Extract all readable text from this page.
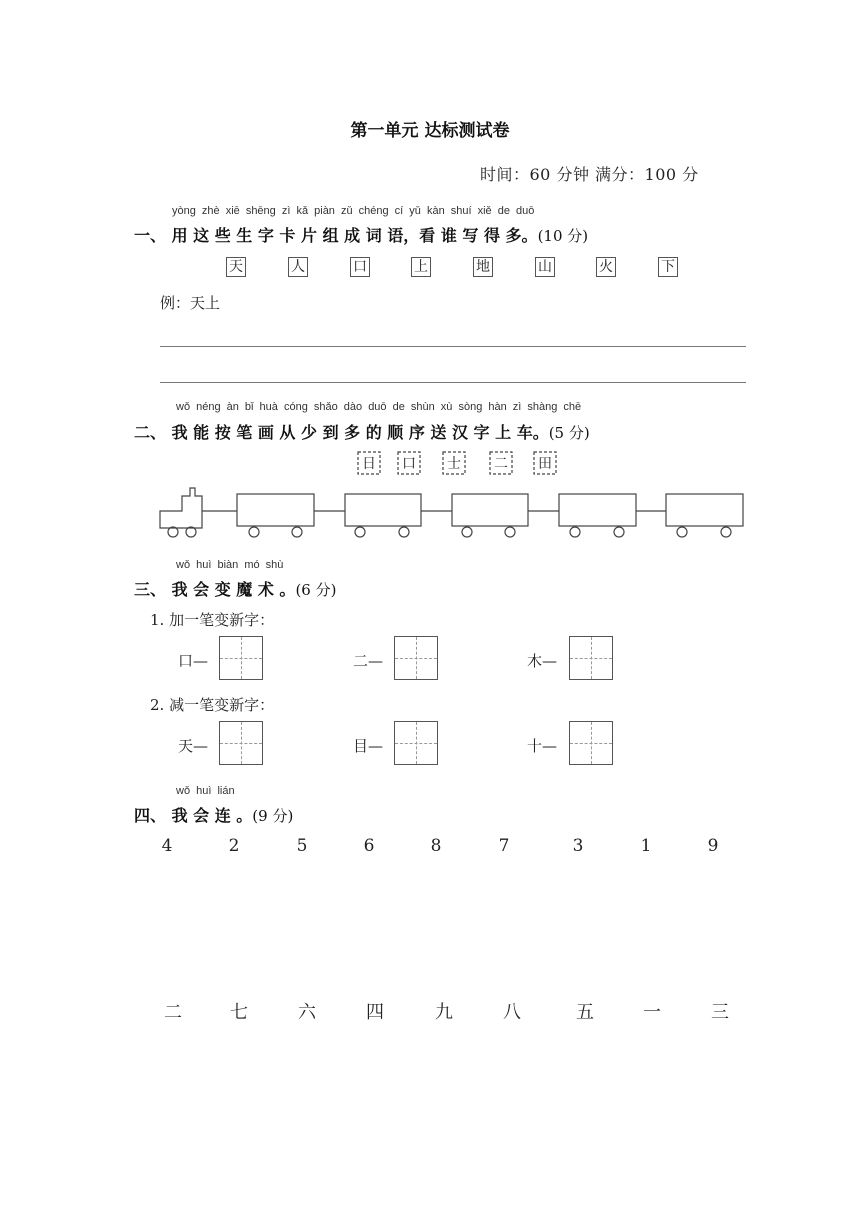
第一单元 达标测试卷
时间：60 分钟 满分：100 分
yòng zhè xiē shēng zì kǎ piàn zǔ chéng cí yǔ kàn shuí xiě de duō
一、 用 这 些 生 字 卡 片 组 成 词 语，看 谁 写 得 多。(10 分)
天	人	口	上	地	山	火	下
例：天上
wǒ néng àn bǐ huà cóng shǎo dào duō de shùn xù sòng hàn zì shàng chē
二、 我 能 按 笔 画 从 少 到 多 的 顺 序 送 汉 字 上 车。(5 分)
日 口 士 二 田
wǒ huì biàn mó shù
三、 我 会 变 魔 术 。(6 分)
1. 加一笔变新字：
口—	二—	木—
2. 减一笔变新字：
天—	目—	十—
wǒ huì lián
四、 我 会 连 。(9 分)
4	2	5	6	8	7	3	1	9
二	七	六	四	九	八	五	一	三
